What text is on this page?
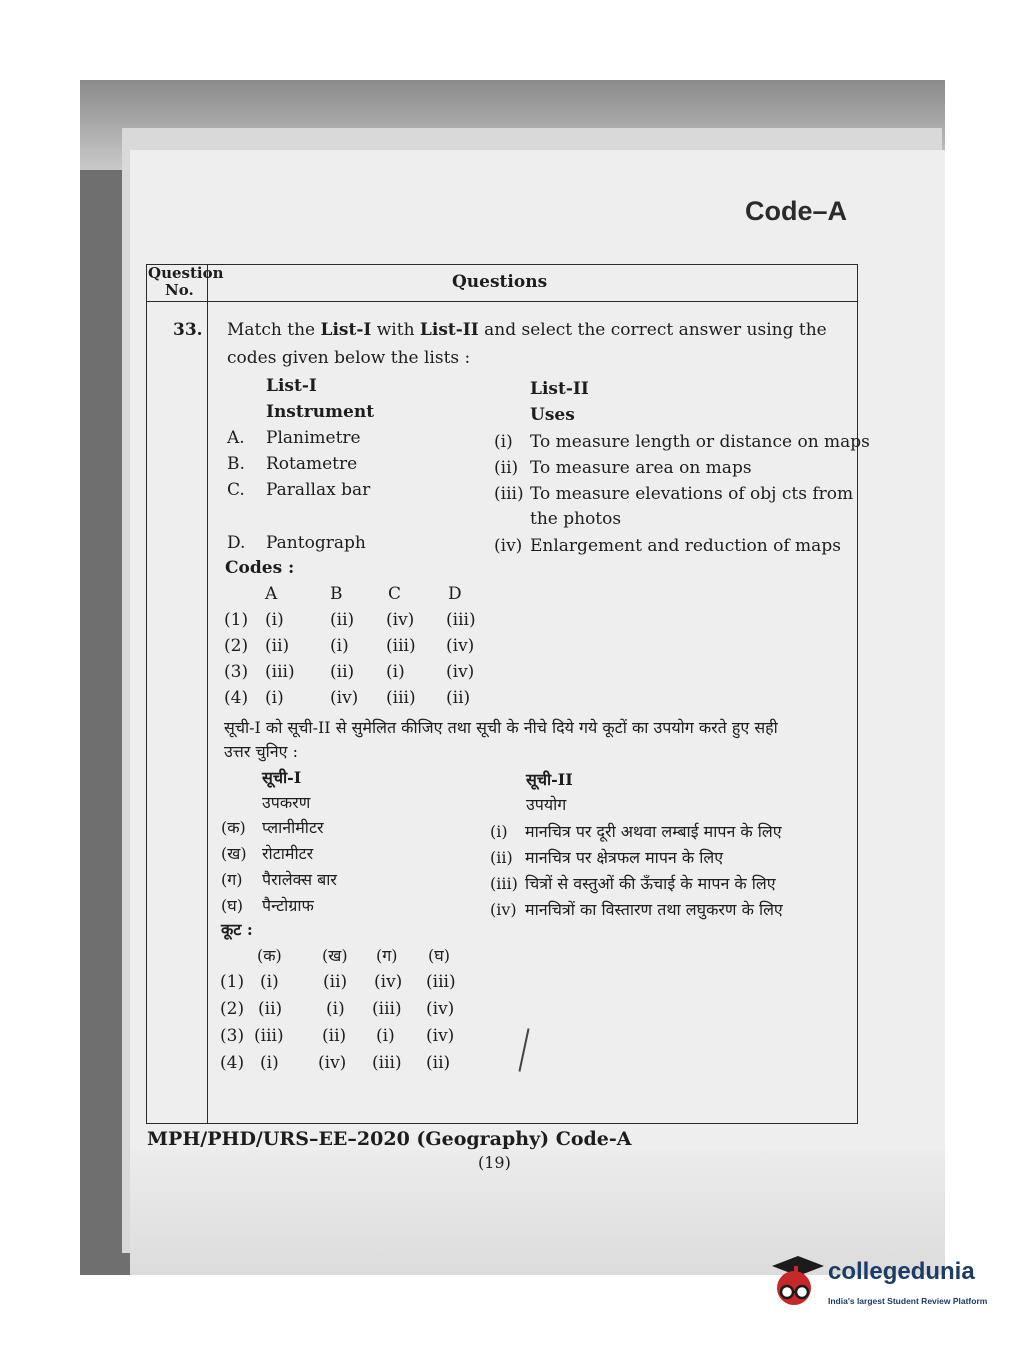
Code–A
Question
No.	Questions
33. Match the List-I with List-II and select the correct answer using the
codes given below the lists :
List-I
Instrument
List-II
Uses
A. Planimetre
B. Rotametre
C. Parallax bar
D. Pantograph
(i) To measure length or distance on maps
(ii) To measure area on maps
(iii) To measure elevations of obj cts from
the photos
(iv) Enlargement and reduction of maps
Codes :
A	B	C	D
(1) (i)	(ii) (iv) (iii)
(2) (ii) (i) (iii) (iv)
(3) (iii) (ii) (i) (iv)
(4) (i)	(iv) (iii) (ii)
सूची-I को सूची-II से सुमेलित कीजिए तथा सूची के नीचे दिये गये कूटों का उपयोग करते हुए सही
उत्तर चुनिए :
सूची-I
उपकरण
सूची-II
उपयोग
(क) प्लानीमीटर
(ख) रोटामीटर
(ग) पैरालेक्स बार
(घ) पैन्टोग्राफ
(i) मानचित्र पर दूरी अथवा लम्बाई मापन के लिए
(ii) मानचित्र पर क्षेत्रफल मापन के लिए
(iii) चित्रों से वस्तुओं की ऊँचाई के मापन के लिए
(iv) मानचित्रों का विस्तारण तथा लघुकरण के लिए
कूट :
(क)	(ख) (ग) (घ)
(1) (i)	(ii) (iv) (iii)
(2) (ii)	(i) (iii) (iv)
(3) (iii) (ii) (i) (iv)
(4) (i) (iv) (iii) (ii)
MPH/PHD/URS–EE–2020 (Geography) Code-A
(19)
collegedunia
India's largest Student Review Platform
